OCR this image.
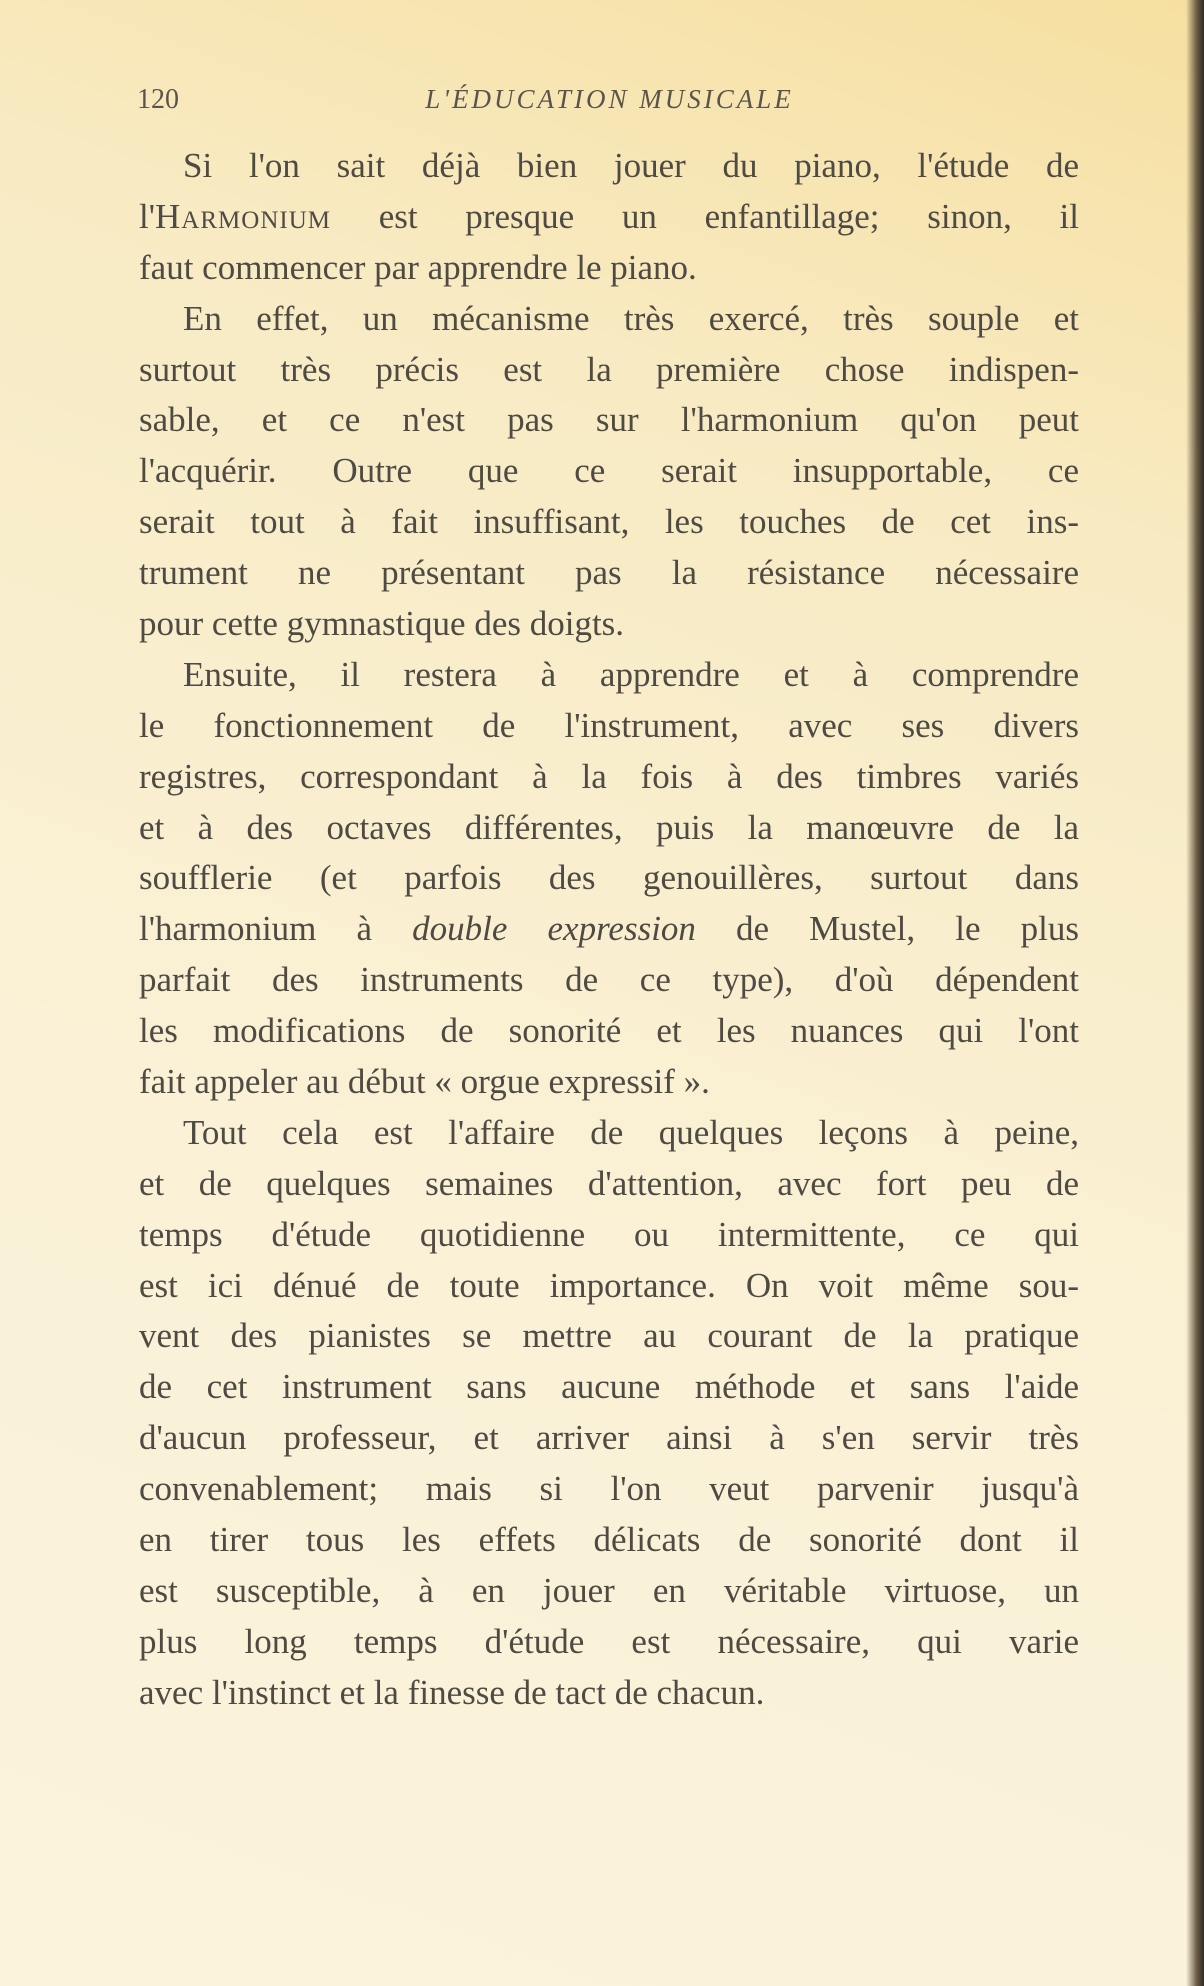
120	L'ÉDUCATION MUSICALE
Si l'on sait déjà bien jouer du piano, l'étude de
l'Harmonium est presque un enfantillage; sinon, il
faut commencer par apprendre le piano.
En effet, un mécanisme très exercé, très souple et
surtout très précis est la première chose indispen-
sable, et ce n'est pas sur l'harmonium qu'on peut
l'acquérir. Outre que ce serait insupportable, ce
serait tout à fait insuffisant, les touches de cet ins-
trument ne présentant pas la résistance nécessaire
pour cette gymnastique des doigts.
Ensuite, il restera à apprendre et à comprendre
le fonctionnement de l'instrument, avec ses divers
registres, correspondant à la fois à des timbres variés
et à des octaves différentes, puis la manœuvre de la
soufflerie (et parfois des genouillères, surtout dans
l'harmonium à double expression de Mustel, le plus
parfait des instruments de ce type), d'où dépendent
les modifications de sonorité et les nuances qui l'ont
fait appeler au début « orgue expressif ».
Tout cela est l'affaire de quelques leçons à peine,
et de quelques semaines d'attention, avec fort peu de
temps d'étude quotidienne ou intermittente, ce qui
est ici dénué de toute importance. On voit même sou-
vent des pianistes se mettre au courant de la pratique
de cet instrument sans aucune méthode et sans l'aide
d'aucun professeur, et arriver ainsi à s'en servir très
convenablement; mais si l'on veut parvenir jusqu'à
en tirer tous les effets délicats de sonorité dont il
est susceptible, à en jouer en véritable virtuose, un
plus long temps d'étude est nécessaire, qui varie
avec l'instinct et la finesse de tact de chacun.
